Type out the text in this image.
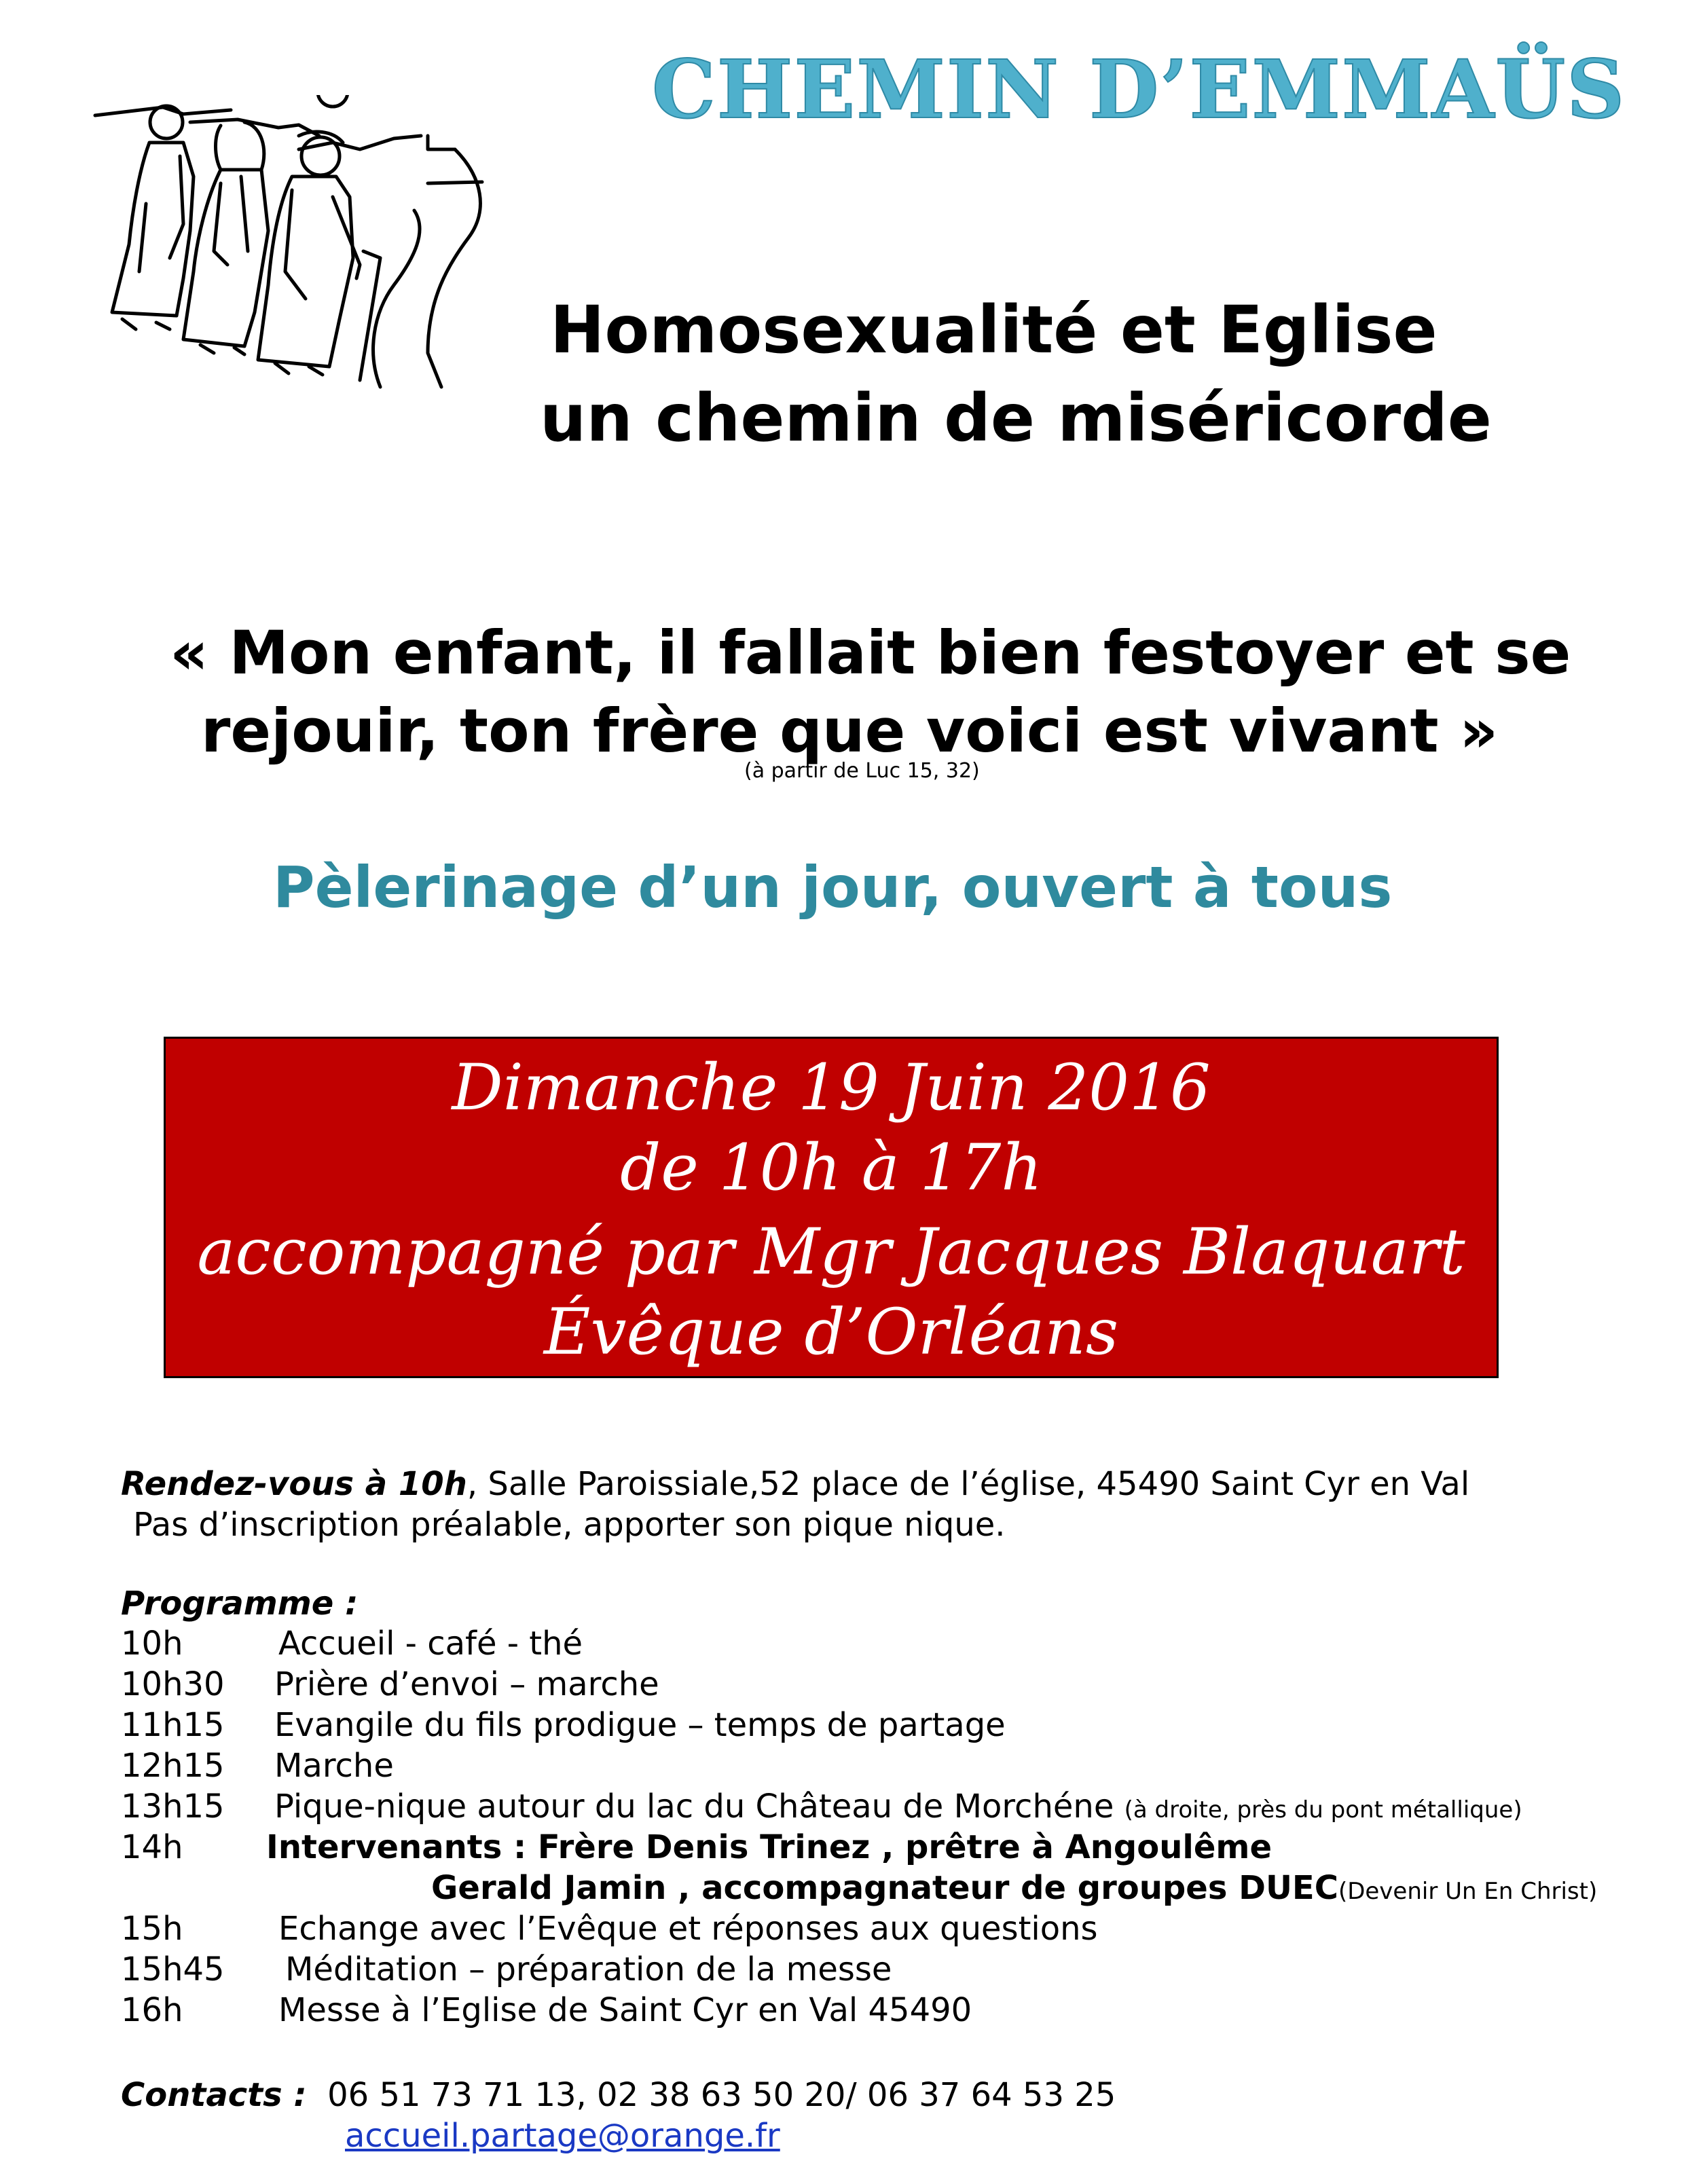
CHEMIN D’EMMAÜS
Homosexualité et Eglise
un chemin de miséricorde
« Mon enfant, il fallait bien festoyer et se
rejouir, ton frère que voici est vivant »
(à partir de Luc 15, 32)
Pèlerinage d’un jour, ouvert à tous
Dimanche 19 Juin 2016
de 10h à 17h
accompagné par Mgr Jacques Blaquart
Évêque d’Orléans
Rendez-vous à 10h, Salle Paroissiale,52 place de l’église, 45490 Saint Cyr en Val
Pas d’inscription préalable, apporter son pique nique.
Programme :
10h	Accueil - café - thé
10h30 Prière d’envoi – marche
11h15 Evangile du fils prodigue – temps de partage
12h15 Marche
13h15 Pique-nique autour du lac du Château de Morchéne (à droite, près du pont métallique)
14h	Intervenants : Frère Denis Trinez , prêtre à Angoulême
Gerald Jamin , accompagnateur de groupes DUEC(Devenir Un En Christ)
15h	Echange avec l’Evêque et réponses aux questions
15h45 Méditation – préparation de la messe
16h	Messe à l’Eglise de Saint Cyr en Val 45490
Contacts : 06 51 73 71 13, 02 38 63 50 20/ 06 37 64 53 25
accueil.partage@orange.fr
